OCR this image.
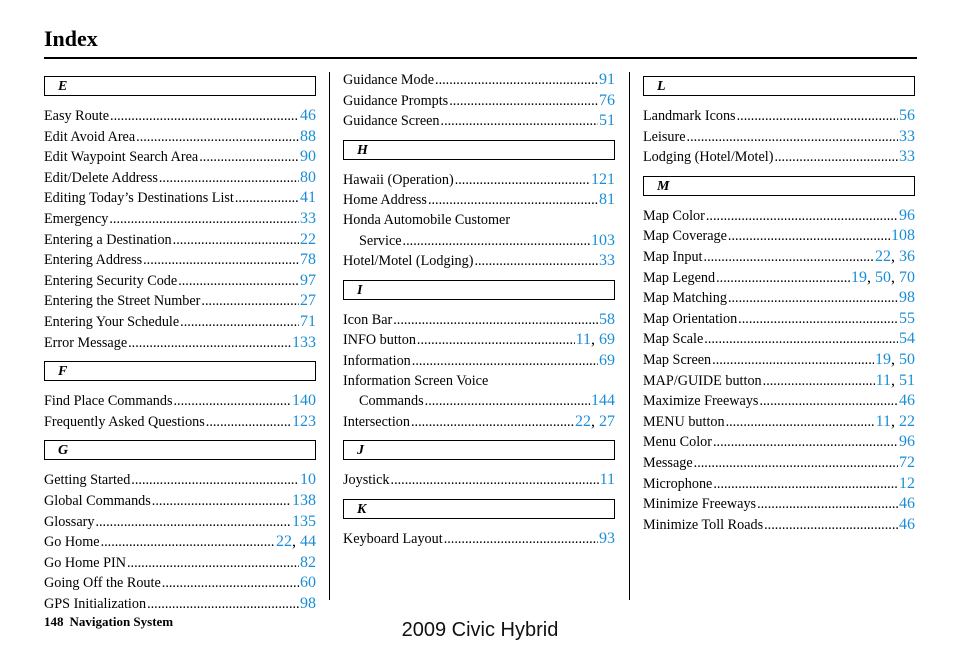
Index
E
Easy Route .....	46
Edit Avoid Area .....	88
Edit Waypoint Search Area .....	90
Edit/Delete Address .....	80
Editing Today’s Destinations List .....	41
Emergency .....	33
Entering a Destination .....	22
Entering Address .....	78
Entering Security Code .....	97
Entering the Street Number .....	27
Entering Your Schedule .....	71
Error Message .....	133
F
Find Place Commands .....	140
Frequently Asked Questions .....	123
G
Getting Started .....	10
Global Commands .....	138
Glossary .....	135
Go Home .....	22, 44
Go Home PIN .....	82
Going Off the Route .....	60
GPS Initialization .....	98
Guidance Mode .....	91
Guidance Prompts .....	76
Guidance Screen .....	51
H
Hawaii (Operation) .....	121
Home Address .....	81
Honda Automobile Customer
Service .....	103
Hotel/Motel (Lodging) .....	33
I
Icon Bar .....	58
INFO button .....	11, 69
Information .....	69
Information Screen Voice
Commands .....	144
Intersection .....	22, 27
J
Joystick .....	11
K
Keyboard Layout .....	93
L
Landmark Icons .....	56
Leisure .....	33
Lodging (Hotel/Motel) .....	33
M
Map Color .....	96
Map Coverage .....	108
Map Input .....	22, 36
Map Legend .....	19, 50, 70
Map Matching .....	98
Map Orientation .....	55
Map Scale .....	54
Map Screen .....	19, 50
MAP/GUIDE button .....	11, 51
Maximize Freeways .....	46
MENU button .....	11, 22
Menu Color .....	96
Message .....	72
Microphone .....	12
Minimize Freeways .....	46
Minimize Toll Roads .....	46
148 Navigation System	2009 Civic Hybrid
